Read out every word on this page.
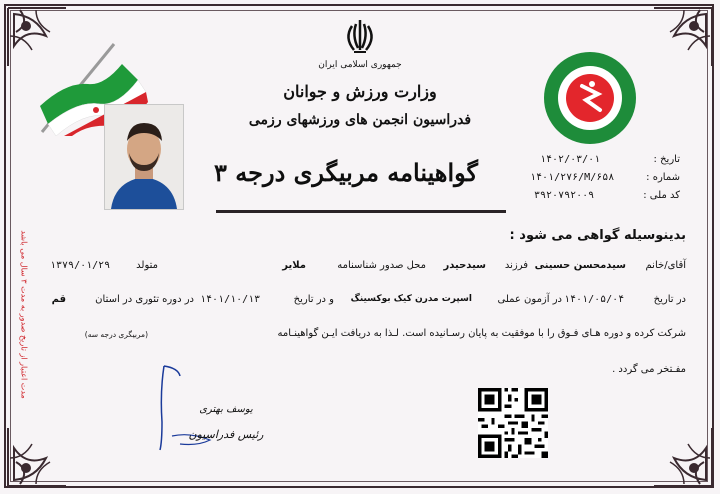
جمهوری اسلامی ایران
وزارت ورزش و جوانان
فدراسیون انجمن های ورزشهای رزمی
تاریخ :
۱۴۰۲/۰۳/۰۱
شماره :
۱۴۰۱/۲۷۶/M/۶۵۸
کد ملی :
۳۹۲۰۷۹۲۰۰۹
گواهینامه مربیگری درجه ۳
بدینوسیله گواهی می شود :
آقای/خانم
سیدمحسن حسینی
فرزند
سیدحیدر
محل صدور شناسنامه
ملایر
متولد
۱۳۷۹/۰۱/۲۹
در تاریخ
۱۴۰۱/۰۵/۰۴
در آزمون عملی
اسپرت مدرن کیک بوکسینگ
و در تاریخ
۱۴۰۱/۱۰/۱۳
در دوره تئوری در استان
قم
شرکت کرده و دوره هـای فـوق را با موفقیت به پایان رسـانیده است. لـذا به دریافت ایـن گواهینـامه
(مربیگری درجه سه)
مفـتخر می گردد .
مدت اعتبار از تاریخ صدور به مدت ۳ سال می باشد
یوسف بهتری
رئیس فدراسیون
